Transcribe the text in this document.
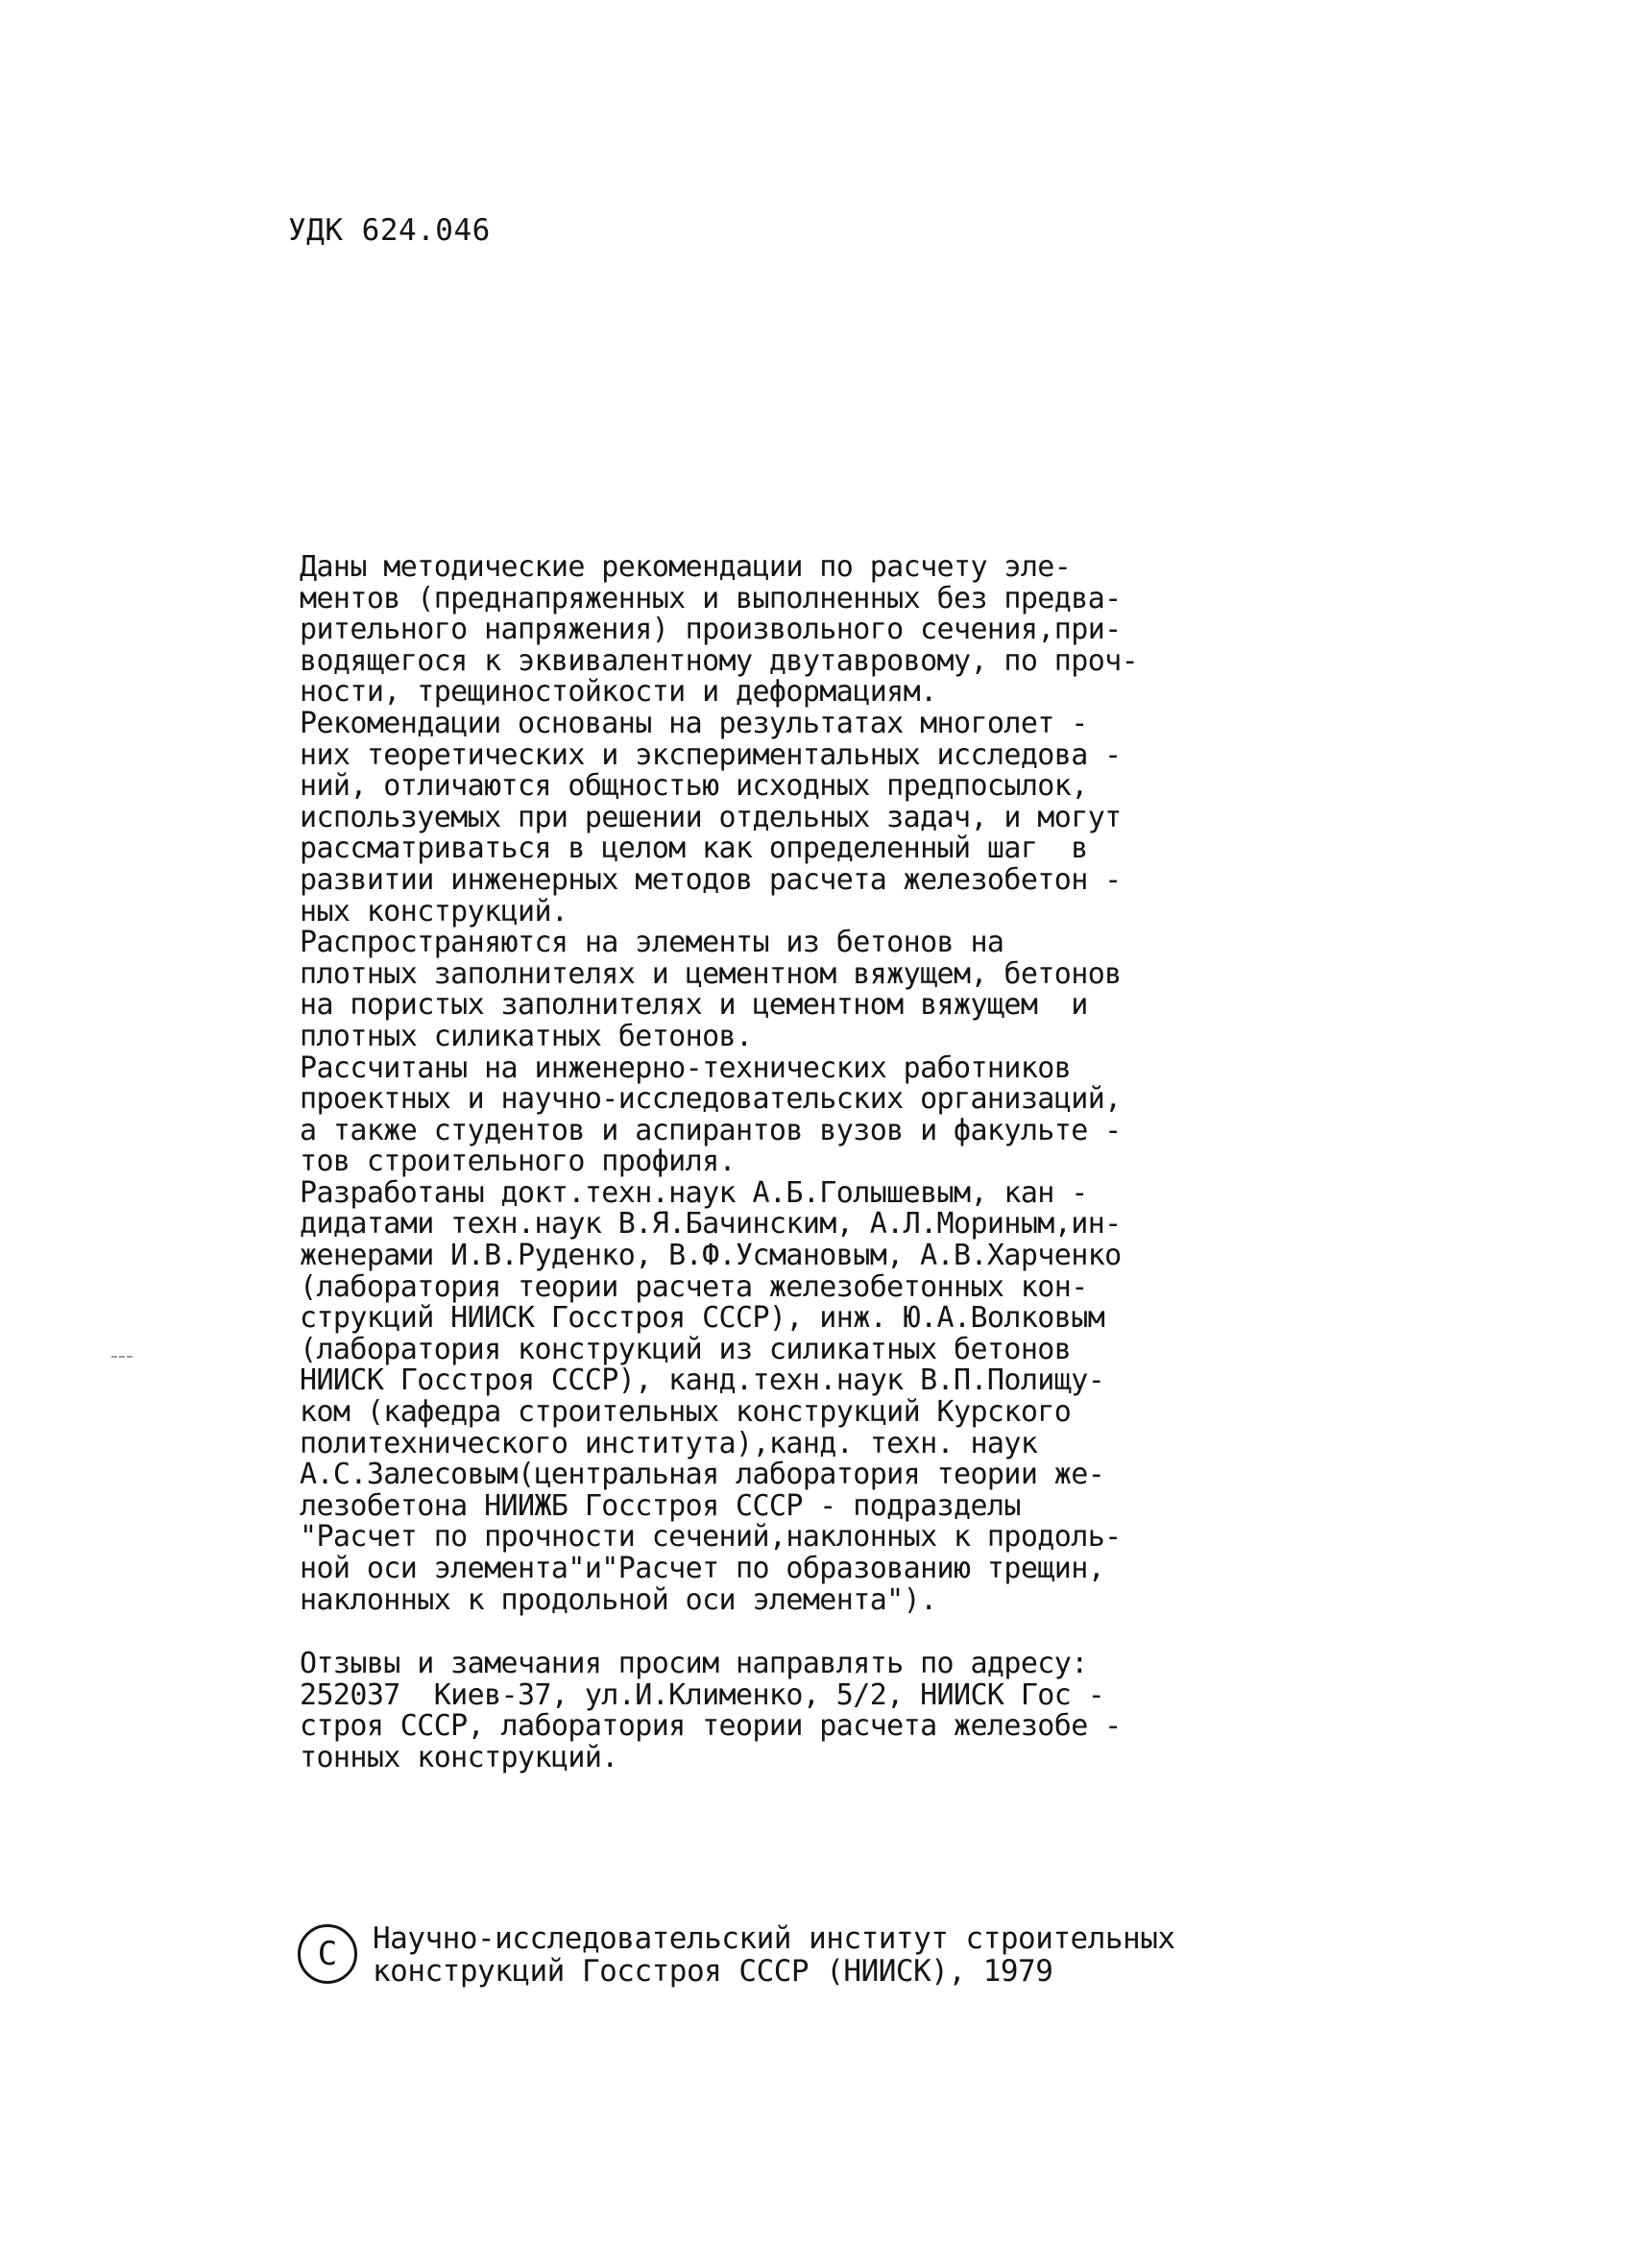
УДК 624.046

Даны методические рекомендации по расчету эле-
ментов (преднапряженных и выполненных без предва-
рительного напряжения) произвольного сечения,при-
водящегося к эквивалентному двутавровому, по проч-
ности, трещиностойкости и деформациям.

Рекомендации основаны на результатах многолет -
них теоретических и экспериментальных исследова -
ний, отличаются общностью исходных предпосылок,
используемых при решении отдельных задач, и могут
рассматриваться в целом как определенный шаг  в
развитии инженерных методов расчета железобетон -
ных конструкций.

Распространяются на элементы из бетонов на
плотных заполнителях и цементном вяжущем, бетонов
на пористых заполнителях и цементном вяжущем  и
плотных силикатных бетонов.

Рассчитаны на инженерно-технических работников
проектных и научно-исследовательских организаций,
а также студентов и аспирантов вузов и факульте -
тов строительного профиля.

Разработаны докт.техн.наук А.Б.Голышевым, кан -
дидатами техн.наук В.Я.Бачинским, А.Л.Мориным,ин-
женерами И.В.Руденко, В.Ф.Усмановым, А.В.Харченко
(лаборатория теории расчета железобетонных кон-
струкций НИИСК Госстроя СССР), инж. Ю.А.Волковым
(лаборатория конструкций из силикатных бетонов
НИИСК Госстроя СССР), канд.техн.наук В.П.Полищу-
ком (кафедра строительных конструкций Курского
политехнического института),канд. техн. наук
А.С.Залесовым(центральная лаборатория теории же-
лезобетона НИИЖБ Госстроя СССР - подразделы
"Расчет по прочности сечений,наклонных к продоль-
ной оси элемента"и"Расчет по образованию трещин,
наклонных к продольной оси элемента").

Отзывы и замечания просим направлять по адресу:
252037  Киев-37, ул.И.Клименко, 5/2, НИИСК Гос -
строя СССР, лаборатория теории расчета железобе -
тонных конструкций.

С	Научно-исследовательский институт строительных
конструкций Госстроя СССР (НИИСК), 1979
